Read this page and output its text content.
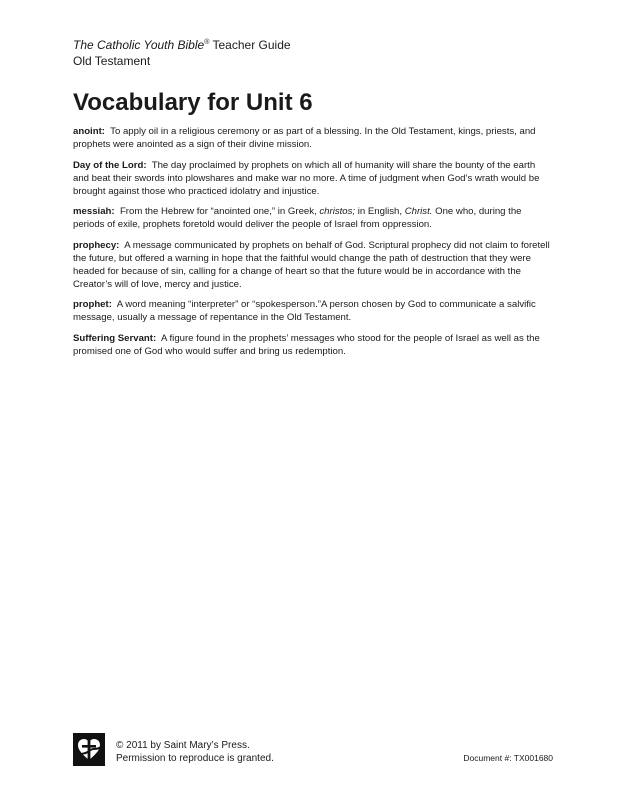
The Catholic Youth Bible® Teacher Guide
Old Testament
Vocabulary for Unit 6

anoint: To apply oil in a religious ceremony or as part of a blessing. In the Old Testament, kings, priests, and prophets were anointed as a sign of their divine mission.

Day of the Lord: The day proclaimed by prophets on which all of humanity will share the bounty of the earth and beat their swords into plowshares and make war no more. A time of judgment when God’s wrath would be brought against those who practiced idolatry and injustice.

messiah: From the Hebrew for “anointed one,” in Greek, christos; in English, Christ. One who, during the periods of exile, prophets foretold would deliver the people of Israel from oppression.

prophecy: A message communicated by prophets on behalf of God. Scriptural prophecy did not claim to foretell the future, but offered a warning in hope that the faithful would change the path of destruction that they were headed for because of sin, calling for a change of heart so that the future would be in accordance with the Creator’s will of love, mercy and justice.

prophet: A word meaning “interpreter” or “spokesperson.”A person chosen by God to communicate a salvific message, usually a message of repentance in the Old Testament.

Suffering Servant: A figure found in the prophets’ messages who stood for the people of Israel as well as the promised one of God who would suffer and bring us redemption.

© 2011 by Saint Mary’s Press.
Permission to reproduce is granted.	Document #: TX001680
